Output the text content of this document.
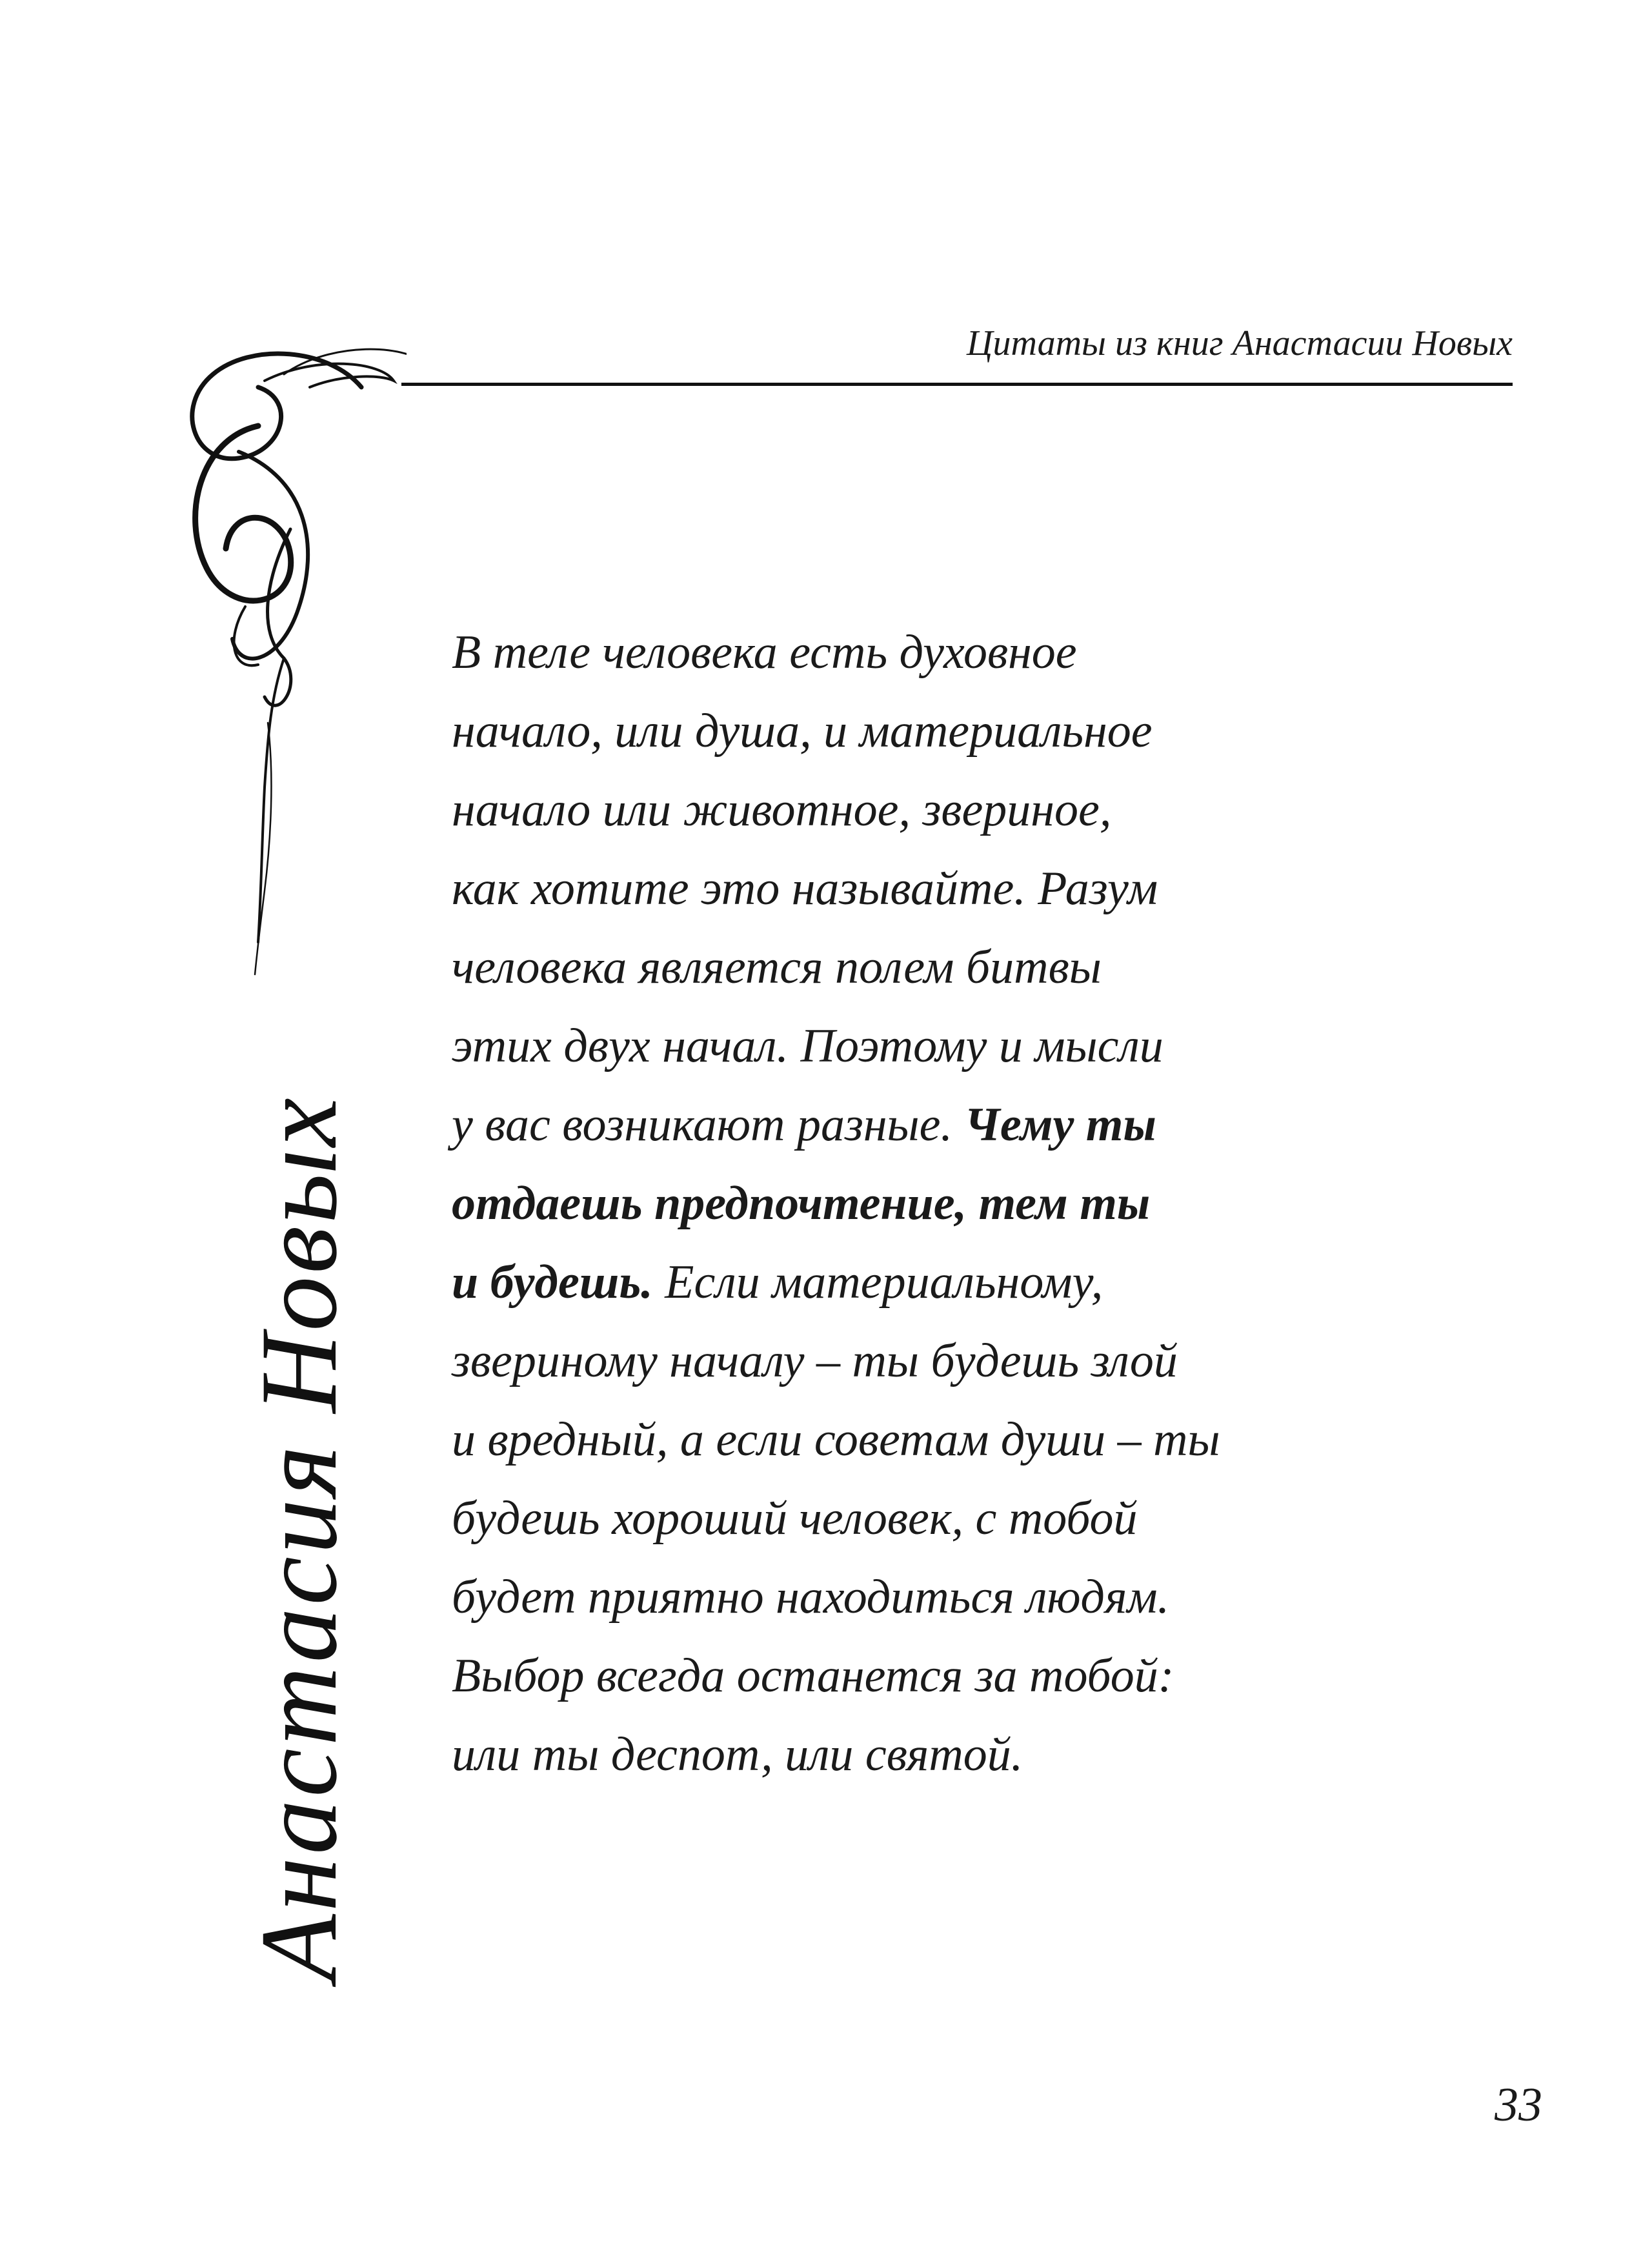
Цитаты из книг Анастасии Новых
Анастасия Новых

В теле человека есть духовное
начало, или душа, и материальное
начало или животное, звериное,
как хотите это называйте. Разум
человека является полем битвы
этих двух начал. Поэтому и мысли
у вас возникают разные. Чему ты
отдаешь предпочтение, тем ты
и будешь. Если материальному,
звериному началу – ты будешь злой
и вредный, а если советам души – ты
будешь хороший человек, с тобой
будет приятно находиться людям.
Выбор всегда останется за тобой:
или ты деспот, или святой.

33
